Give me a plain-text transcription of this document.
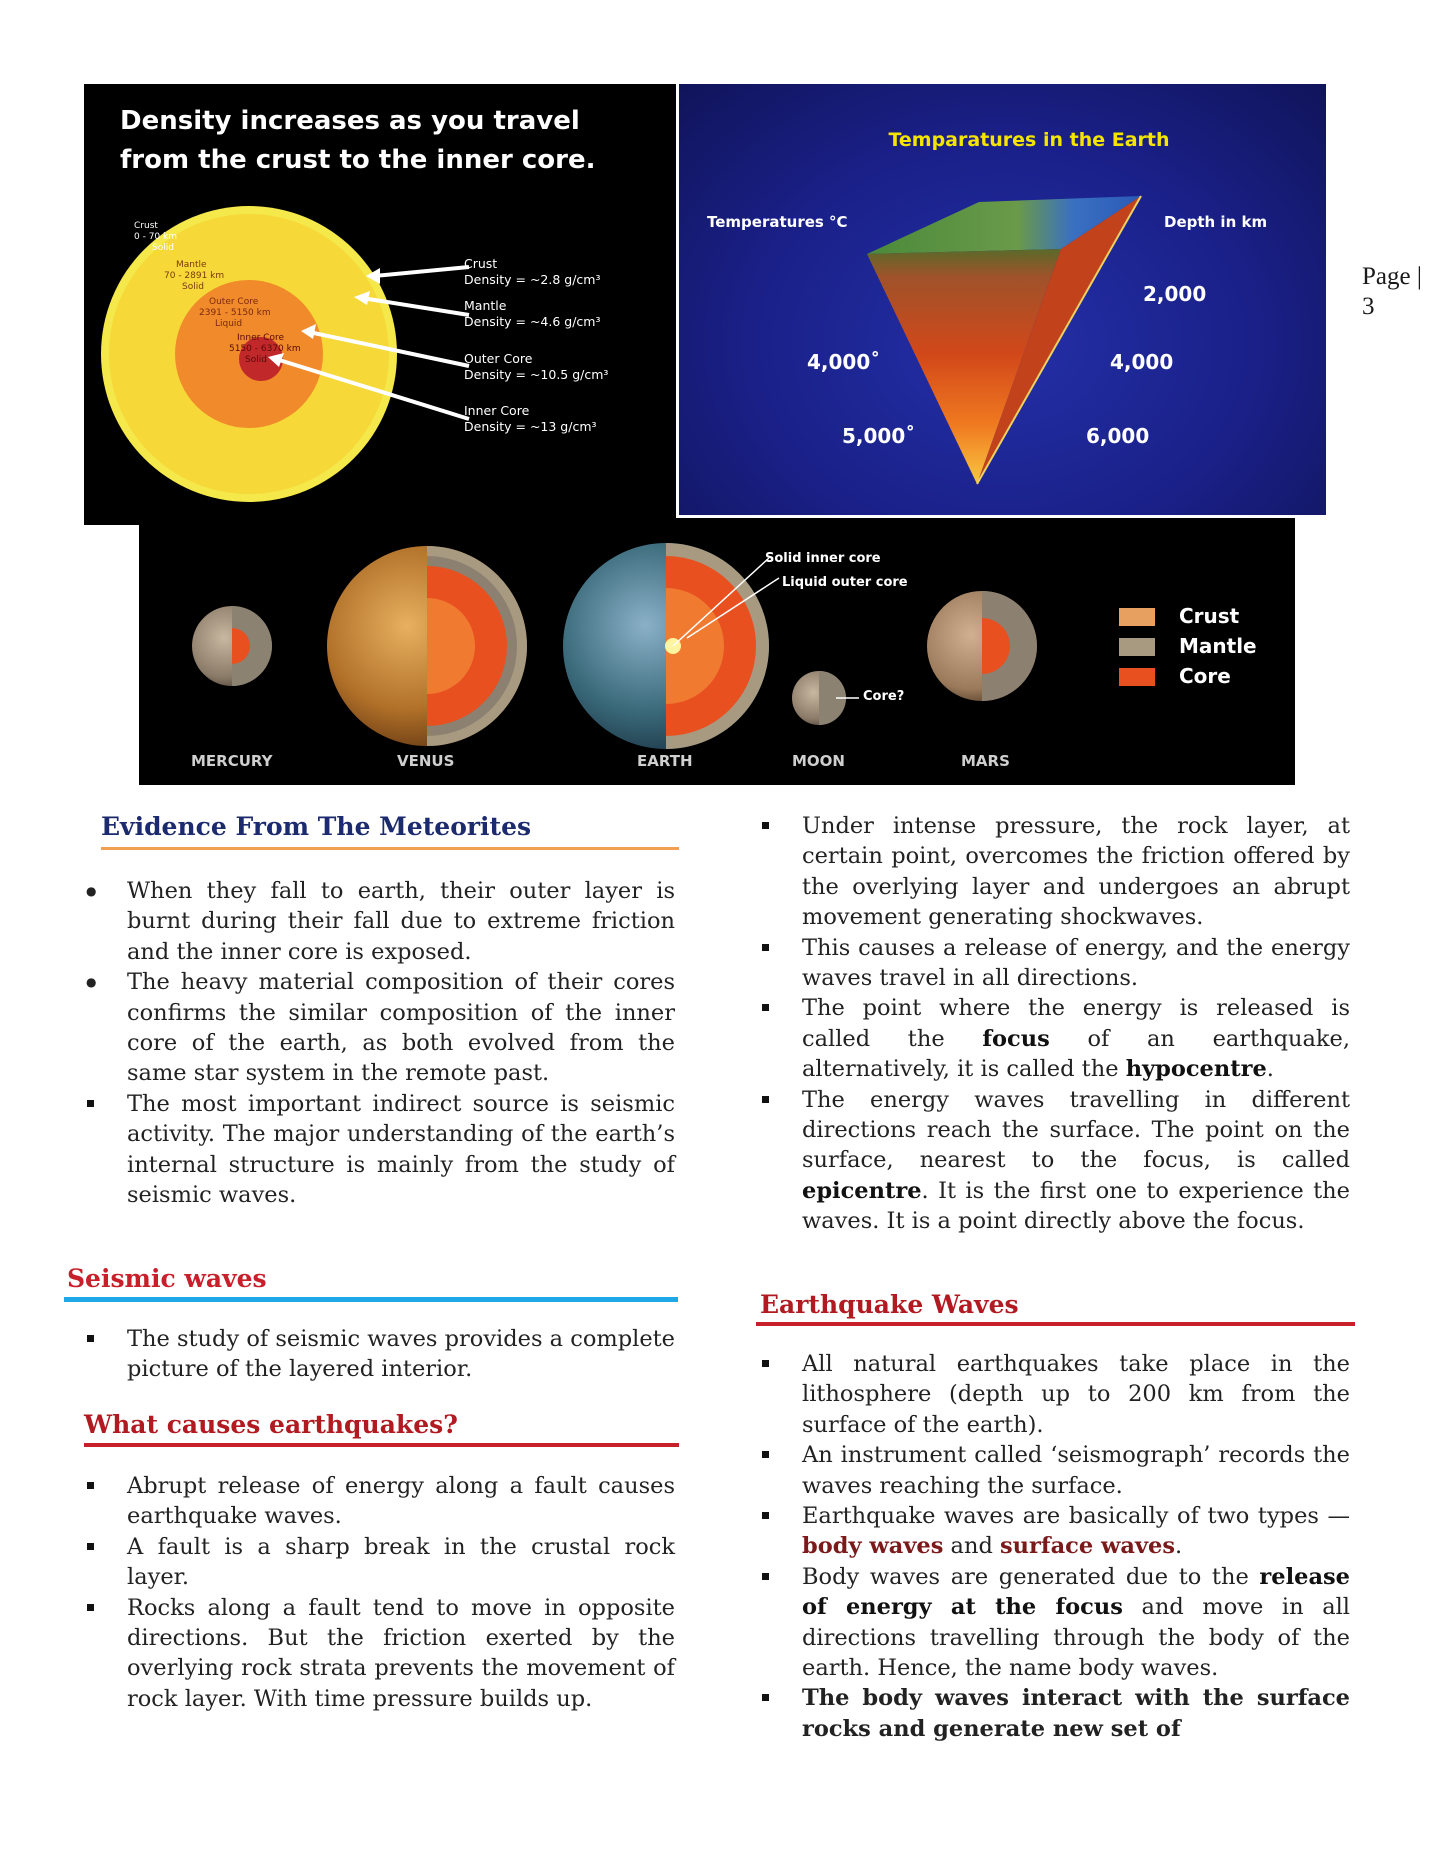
Page | 3
Density increases as you travel from the crust to the inner core.
Crust
0 - 70 km
Solid
Mantle
70 - 2891 km
Solid
Outer Core
2391 - 5150 km
Liquid
Inner Core
5150 - 6370 km
Solid
Crust
Density = ~2.8 g/cm³
Mantle
Density = ~4.6 g/cm³
Outer Core
Density = ~10.5 g/cm³
Inner Core
Density = ~13 g/cm³
Temparatures in the Earth
Temperatures °C	Depth in km
4,000˚
5,000˚
2,000
4,000
6,000
MERCURY	VENUS	EARTH	MOON	MARS
Solid inner core
Liquid outer core
Core?
Crust
Mantle
Core
Evidence From The Meteorites
●
When they fall to earth, their outer layer is burnt during their fall due to extreme friction and the inner core is exposed.
●
The heavy material composition of their cores confirms the similar composition of the inner core of the earth, as both evolved from the same star system in the remote past.
The most important indirect source is seismic activity. The major understanding of the earth’s internal structure is mainly from the study of seismic waves.
Seismic waves
The study of seismic waves provides a complete picture of the layered interior.
What causes earthquakes?
Abrupt release of energy along a fault causes earthquake waves.
A fault is a sharp break in the crustal rock layer.
Rocks along a fault tend to move in opposite directions. But the friction exerted by the overlying rock strata prevents the movement of rock layer. With time pressure builds up.
Under intense pressure, the rock layer, at certain point, overcomes the friction offered by the overlying layer and undergoes an abrupt movement generating shockwaves.
This causes a release of energy, and the energy waves travel in all directions.
The point where the energy is released is called the focus of an earthquake, alternatively, it is called the hypocentre.
The energy waves travelling in different directions reach the surface. The point on the surface, nearest to the focus, is called epicentre. It is the first one to experience the waves. It is a point directly above the focus.
Earthquake Waves
All natural earthquakes take place in the lithosphere (depth up to 200 km from the surface of the earth).
An instrument called ‘seismograph’ records the waves reaching the surface.
Earthquake waves are basically of two types — body waves and surface waves.
Body waves are generated due to the release of energy at the focus and move in all directions travelling through the body of the earth. Hence, the name body waves.
The body waves interact with the surface rocks and generate new set of
